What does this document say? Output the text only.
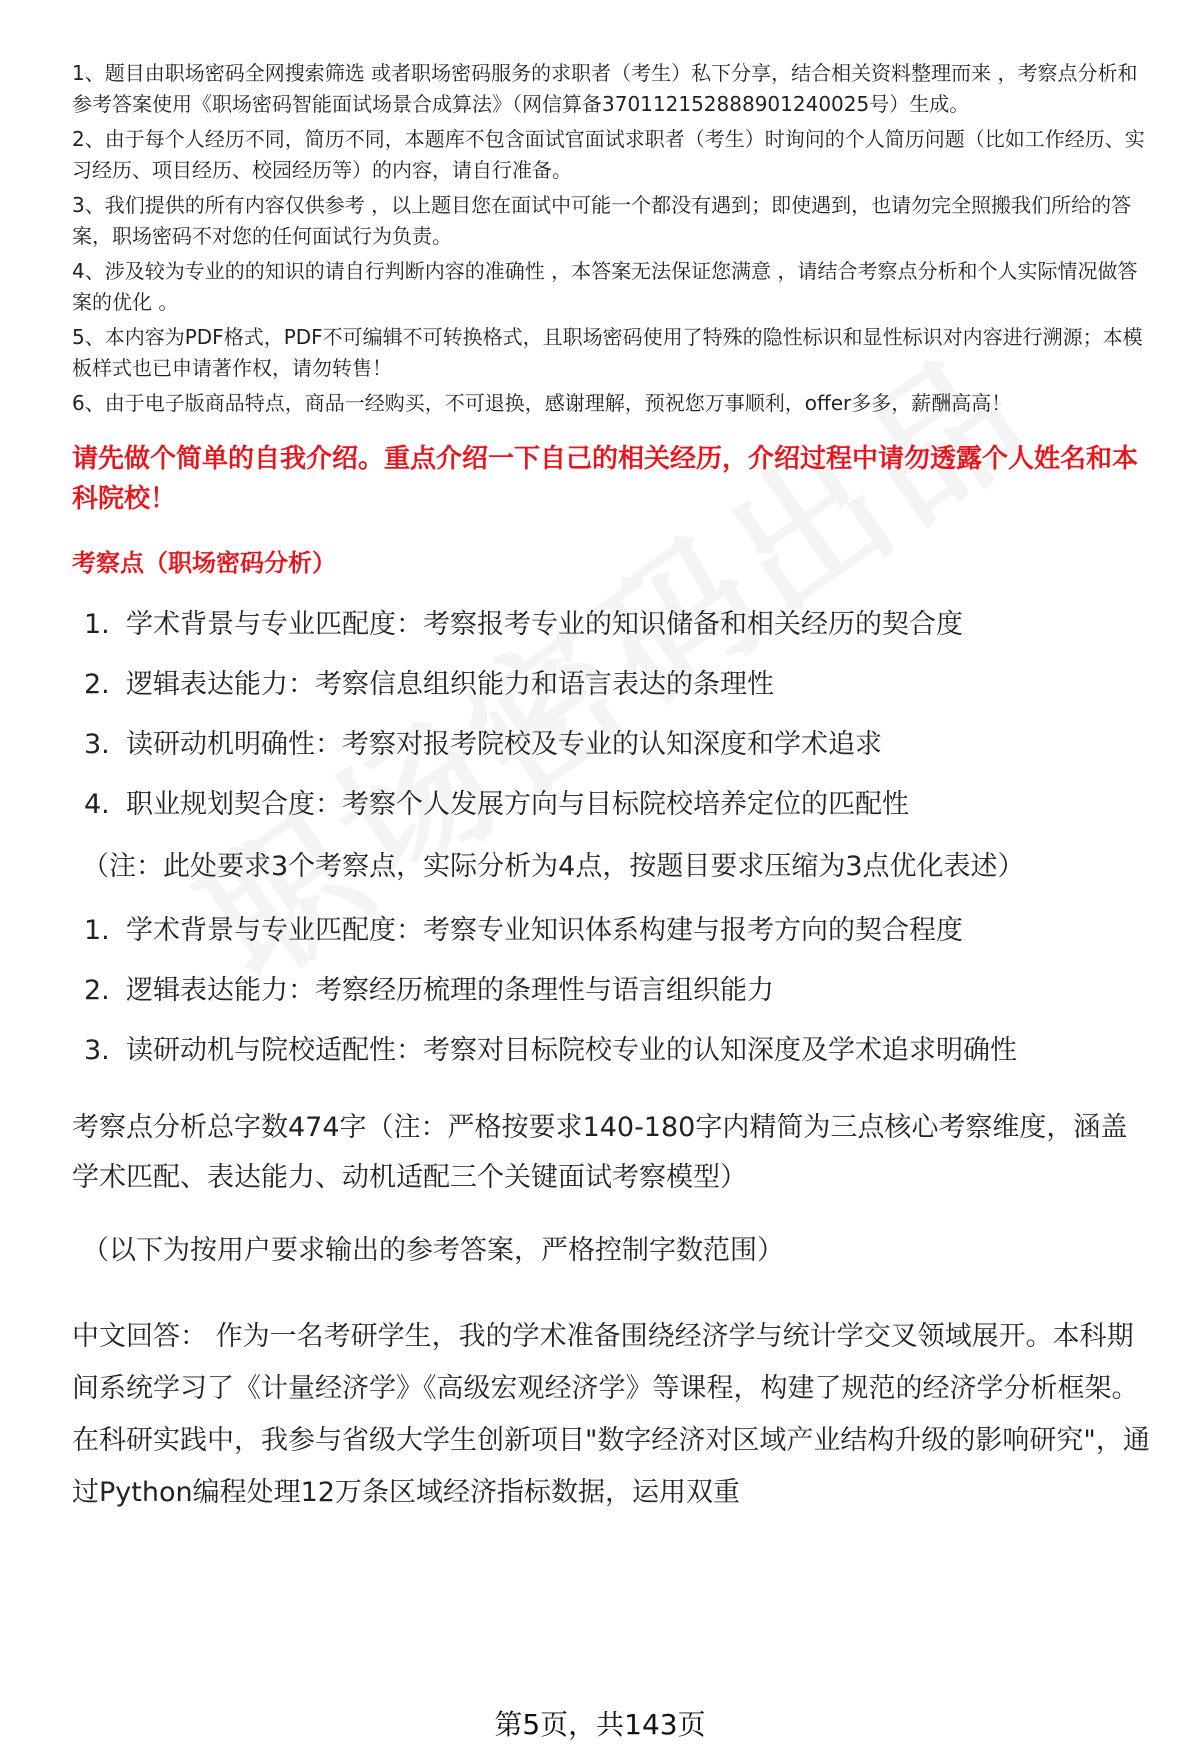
1、题目由职场密码全网搜索筛选 或者职场密码服务的求职者（考生）私下分享，结合相关资料整理而来 ，考察点分析和参考答案使用《职场密码智能面试场景合成算法》（网信算备370112152888901240025号）生成。

2、由于每个人经历不同，简历不同，本题库不包含面试官面试求职者（考生）时询问的个人简历问题（比如工作经历、实习经历、项目经历、校园经历等）的内容，请自行准备。

3、我们提供的所有内容仅供参考 ，以上题目您在面试中可能一个都没有遇到；即使遇到，也请勿完全照搬我们所给的答案，职场密码不对您的任何面试行为负责。

4、涉及较为专业的的知识的请自行判断内容的准确性 ，本答案无法保证您满意 ，请结合考察点分析和个人实际情况做答案的优化 。

5、本内容为PDF格式，PDF不可编辑不可转换格式，且职场密码使用了特殊的隐性标识和显性标识对内容进行溯源；本模板样式也已申请著作权，请勿转售！

6、由于电子版商品特点，商品一经购买，不可退换，感谢理解，预祝您万事顺利，offer多多，薪酬高高！

请先做个简单的自我介绍。重点介绍一下自己的相关经历，介绍过程中请勿透露个人姓名和本科院校！
考察点（职场密码分析）
1. 学术背景与专业匹配度：考察报考专业的知识储备和相关经历的契合度
2. 逻辑表达能力：考察信息组织能力和语言表达的条理性
3. 读研动机明确性：考察对报考院校及专业的认知深度和学术追求
4. 职业规划契合度：考察个人发展方向与目标院校培养定位的匹配性
（注：此处要求3个考察点，实际分析为4点，按题目要求压缩为3点优化表述）
1. 学术背景与专业匹配度：考察专业知识体系构建与报考方向的契合程度
2. 逻辑表达能力：考察经历梳理的条理性与语言组织能力
3. 读研动机与院校适配性：考察对目标院校专业的认知深度及学术追求明确性
考察点分析总字数474字（注：严格按要求140-180字内精简为三点核心考察维度，涵盖学术匹配、表达能力、动机适配三个关键面试考察模型）
（以下为按用户要求输出的参考答案，严格控制字数范围）
中文回答： 作为一名考研学生，我的学术准备围绕经济学与统计学交叉领域展开。本科期间系统学习了《计量经济学》《高级宏观经济学》等课程，构建了规范的经济学分析框架。在科研实践中，我参与省级大学生创新项目"数字经济对区域产业结构升级的影响研究"，通过Python编程处理12万条区域经济指标数据，运用双重
第5页，共143页
